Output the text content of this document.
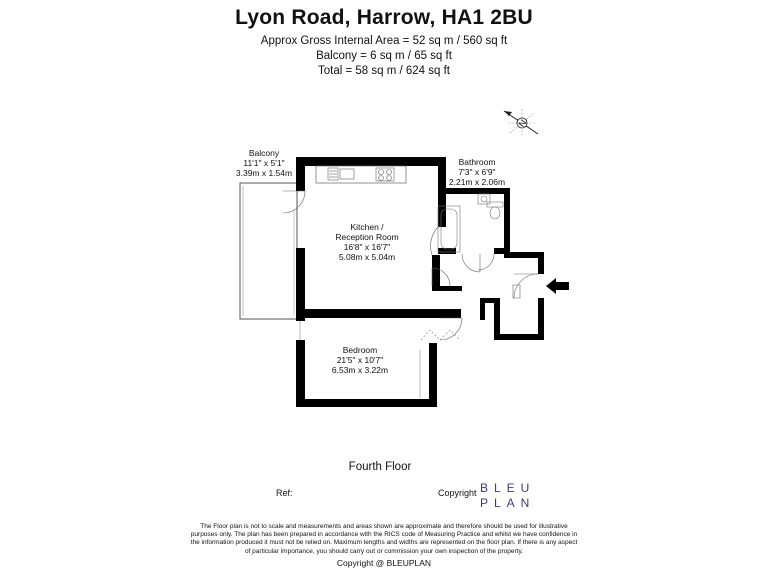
Lyon Road, Harrow, HA1 2BU
Approx Gross Internal Area = 52 sq m / 560 sq ft
Balcony = 6 sq m / 65 sq ft
Total = 58 sq m / 624 sq ft
N
Balcony
11'1" x 5'1"
3.39m x 1.54m
Bathroom
7'3" x 6'9"
2.21m x 2.06m
Kitchen /
Reception Room
16'8" x 16'7"
5.08m x 5.04m
Bedroom
21'5" x 10'7"
6.53m x 3.22m
Fourth Floor
Ref:	Copyright BLEU
PLAN
The Floor plan is not to scale and measurements and areas shown are approximate and therefore should be used for illustrative
purposes only. The plan has been prepared in accordance with the RICS code of Measuring Practice and whilst we have confidence in
the information produced it must not be relied on. Maximum lengths and widths are represented on the floor plan. If there is any aspect
of particular importance, you should carry out or commission your own inspection of the property.
Copyright @ BLEUPLAN
